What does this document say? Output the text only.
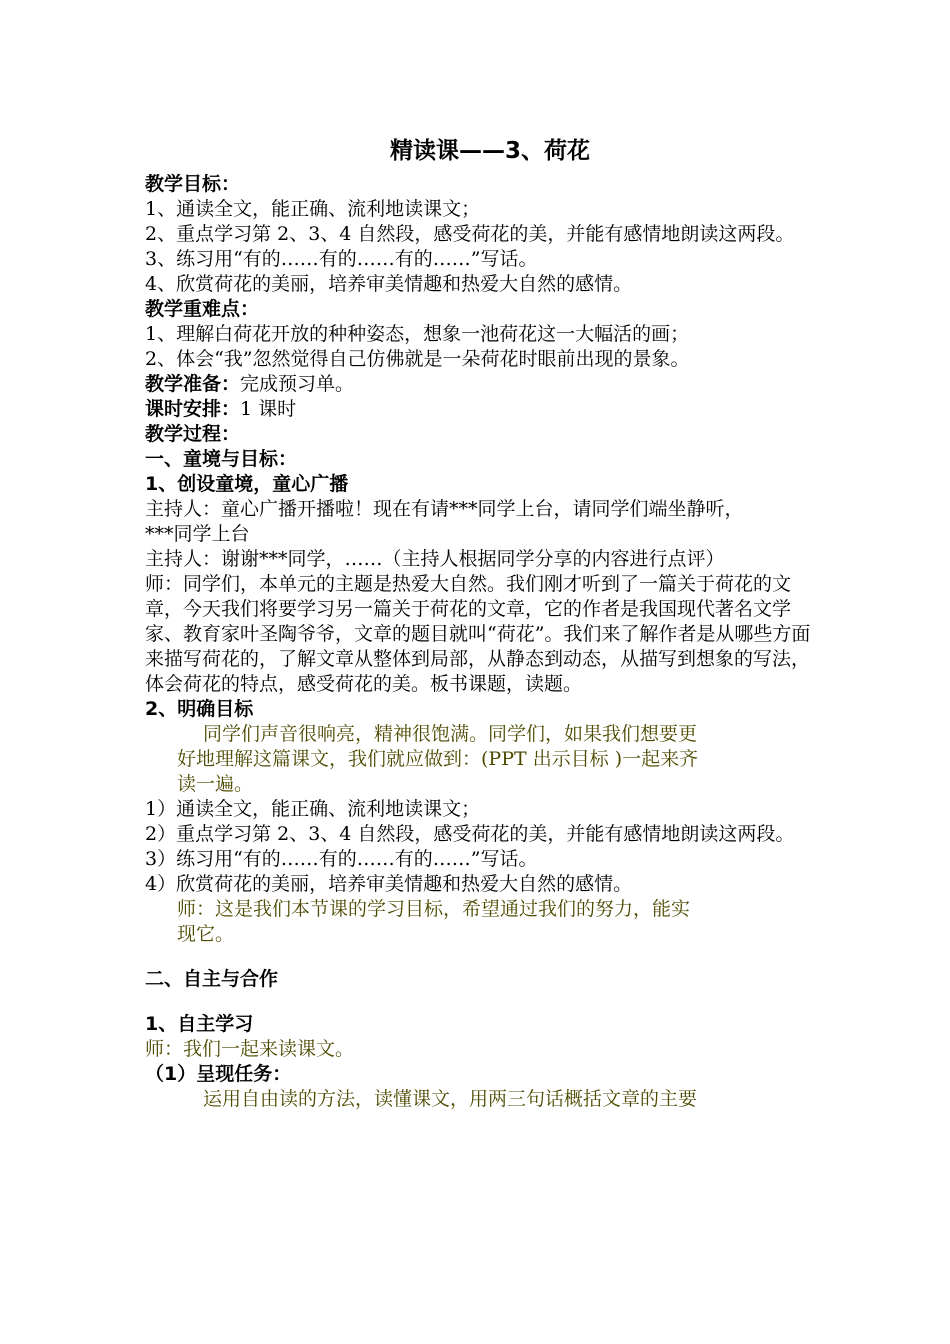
精读课——3、荷花
教学目标：
1、通读全文，能正确、流利地读课文；
2、重点学习第 2、3、4 自然段，感受荷花的美，并能有感情地朗读这两段。
3、练习用“有的……有的……有的……”写话。
4、欣赏荷花的美丽，培养审美情趣和热爱大自然的感情。
教学重难点：
1、理解白荷花开放的种种姿态，想象一池荷花这一大幅活的画；
2、体会“我”忽然觉得自己仿佛就是一朵荷花时眼前出现的景象。
教学准备：完成预习单。
课时安排：1 课时
教学过程：
一、童境与目标：
1、创设童境，童心广播
主持人：童心广播开播啦！现在有请***同学上台，请同学们端坐静听，
***同学上台
主持人：谢谢***同学，……（主持人根据同学分享的内容进行点评）
师：同学们，本单元的主题是热爱大自然。我们刚才听到了一篇关于荷花的文章，今天我们将要学习另一篇关于荷花的文章，它的作者是我国现代著名文学家、教育家叶圣陶爷爷，文章的题目就叫“荷花”。我们来了解作者是从哪些方面来描写荷花的，了解文章从整体到局部，从静态到动态，从描写到想象的写法，体会荷花的特点，感受荷花的美。板书课题，读题。
2、明确目标
同学们声音很响亮，精神很饱满。同学们，如果我们想要更
好地理解这篇课文，我们就应做到：(PPT 出示目标 )一起来齐
读一遍。
1）通读全文，能正确、流利地读课文；
2）重点学习第 2、3、4 自然段，感受荷花的美，并能有感情地朗读这两段。
3）练习用“有的……有的……有的……”写话。
4）欣赏荷花的美丽，培养审美情趣和热爱大自然的感情。
师：这是我们本节课的学习目标，希望通过我们的努力，能实
现它。
二、自主与合作
1、自主学习
师：我们一起来读课文。
（1）呈现任务：
运用自由读的方法，读懂课文，用两三句话概括文章的主要
